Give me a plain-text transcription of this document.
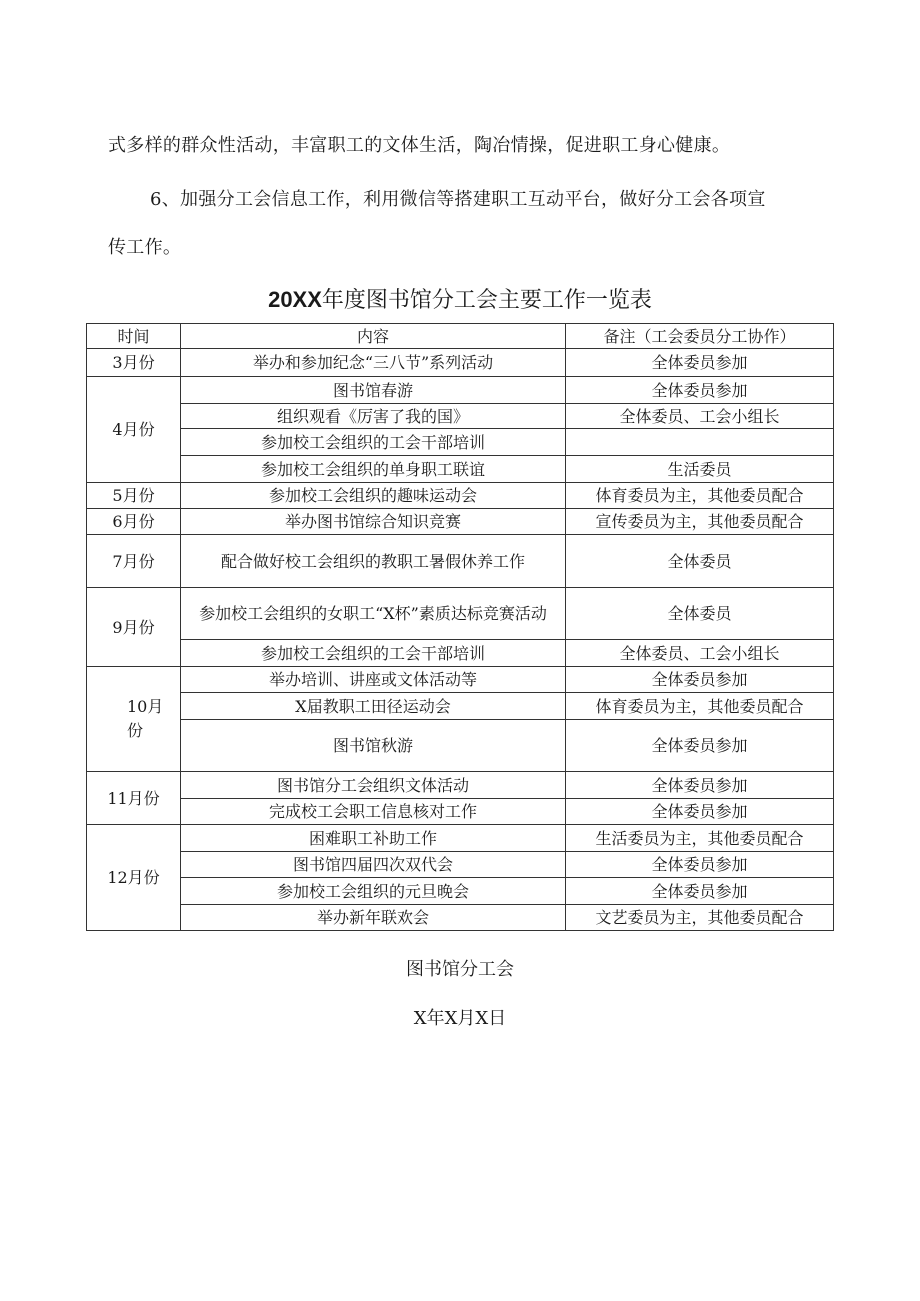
式多样的群众性活动，丰富职工的文体生活，陶冶情操，促进职工身心健康。
6、加强分工会信息工作，利用微信等搭建职工互动平台，做好分工会各项宣
传工作。
20XX年度图书馆分工会主要工作一览表
时间	内容	备注（工会委员分工协作）
3月份	举办和参加纪念“三八节”系列活动	全体委员参加
4月份	图书馆春游	全体委员参加
	组织观看《厉害了我的国》	全体委员、工会小组长
	参加校工会组织的工会干部培训	
	参加校工会组织的单身职工联谊	生活委员
5月份	参加校工会组织的趣味运动会	体育委员为主，其他委员配合
6月份	举办图书馆综合知识竞赛	宣传委员为主，其他委员配合
7月份	配合做好校工会组织的教职工暑假休养工作	全体委员
9月份	参加校工会组织的女职工“X杯”素质达标竞赛活动	全体委员
	参加校工会组织的工会干部培训	全体委员、工会小组长
10月
份	举办培训、讲座或文体活动等	全体委员参加
	X届教职工田径运动会	体育委员为主，其他委员配合
	图书馆秋游	全体委员参加
11月份	图书馆分工会组织文体活动	全体委员参加
	完成校工会职工信息核对工作	全体委员参加
12月份	困难职工补助工作	生活委员为主，其他委员配合
	图书馆四届四次双代会	全体委员参加
	参加校工会组织的元旦晚会	全体委员参加
	举办新年联欢会	文艺委员为主，其他委员配合
图书馆分工会
X年X月X日
